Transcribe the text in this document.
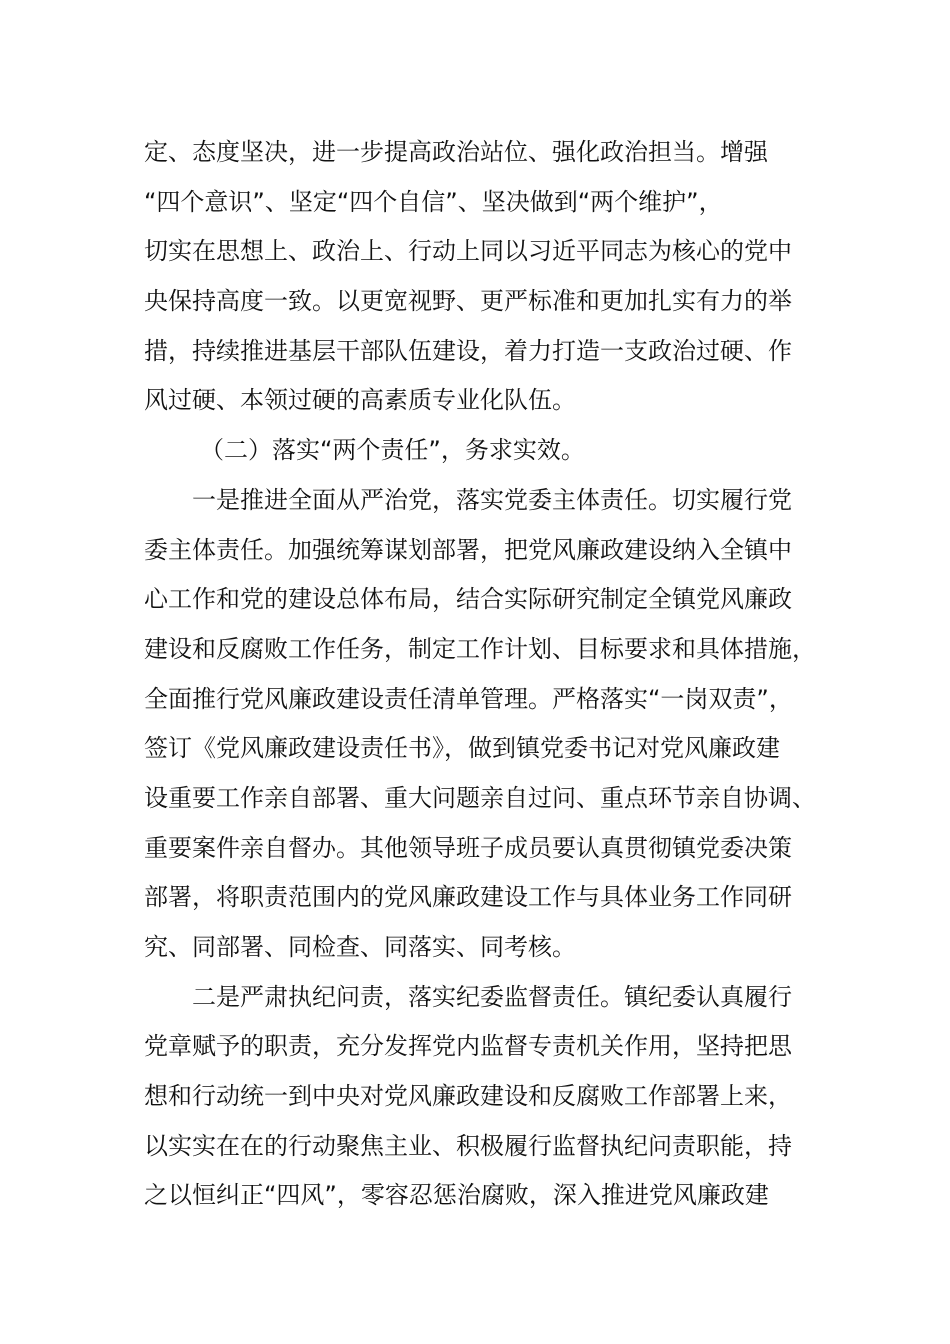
定、态度坚决，进一步提高政治站位、强化政治担当。增强
“四个意识”、坚定“四个自信”、坚决做到“两个维护”，
切实在思想上、政治上、行动上同以习近平同志为核心的党中
央保持高度一致。以更宽视野、更严标准和更加扎实有力的举
措，持续推进基层干部队伍建设，着力打造一支政治过硬、作
风过硬、本领过硬的高素质专业化队伍。
（二）落实“两个责任”，务求实效。
一是推进全面从严治党，落实党委主体责任。切实履行党
委主体责任。加强统筹谋划部署，把党风廉政建设纳入全镇中
心工作和党的建设总体布局，结合实际研究制定全镇党风廉政
建设和反腐败工作任务，制定工作计划、目标要求和具体措施，
全面推行党风廉政建设责任清单管理。严格落实“一岗双责”，
签订《党风廉政建设责任书》，做到镇党委书记对党风廉政建
设重要工作亲自部署、重大问题亲自过问、重点环节亲自协调、
重要案件亲自督办。其他领导班子成员要认真贯彻镇党委决策
部署，将职责范围内的党风廉政建设工作与具体业务工作同研
究、同部署、同检查、同落实、同考核。
二是严肃执纪问责，落实纪委监督责任。镇纪委认真履行
党章赋予的职责，充分发挥党内监督专责机关作用，坚持把思
想和行动统一到中央对党风廉政建设和反腐败工作部署上来，
以实实在在的行动聚焦主业、积极履行监督执纪问责职能，持
之以恒纠正“四风”，零容忍惩治腐败，深入推进党风廉政建
